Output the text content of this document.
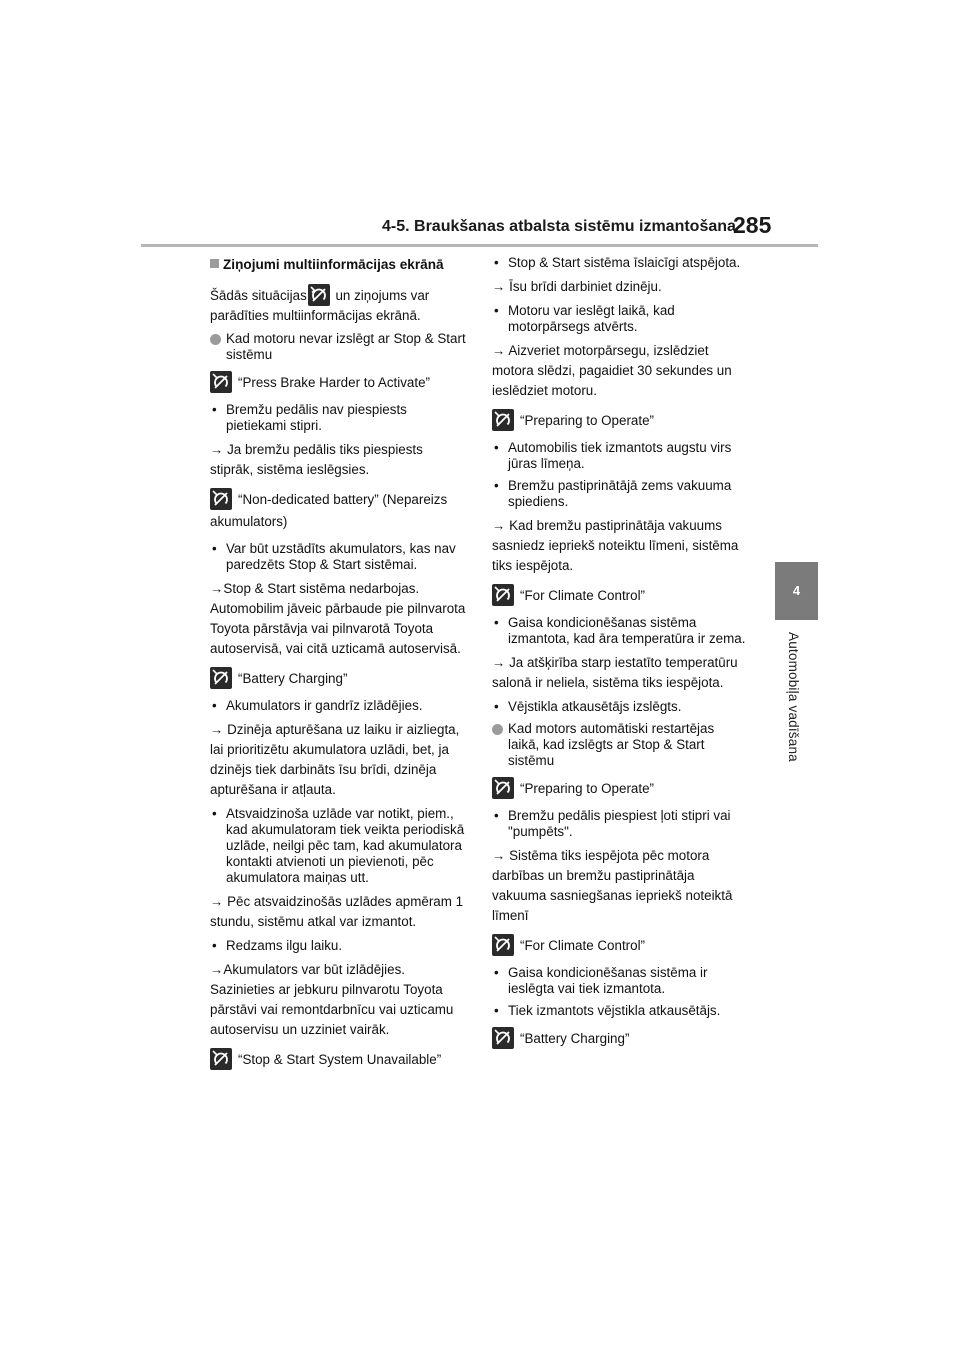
4-5. Braukšanas atbalsta sistēmu izmantošana
285
4
Automobiļa vadīšana
Ziņojumi multiinformācijas ekrānā

Šādās situācijas
un ziņojums var parādīties multiinformācijas ekrānā.

Kad motoru nevar izslēgt ar Stop & Start sistēmu
“Press Brake Harder to Activate”
• Bremžu pedālis nav piespiests pietiekami stipri.

→ Ja bremžu pedālis tiks piespiests stiprāk, sistēma ieslēgsies.

“Non-dedicated battery” (Nepareizs akumulators)
• Var būt uzstādīts akumulators, kas nav paredzēts Stop & Start sistēmai.

→Stop & Start sistēma nedarbojas. Automobilim jāveic pārbaude pie pilnvarota Toyota pārstāvja vai pilnvarotā Toyota autoservisā, vai citā uzticamā autoservisā.

“Battery Charging”
• Akumulators ir gandrīz izlādējies.

→ Dzinēja apturēšana uz laiku ir aizliegta, lai prioritizētu akumulatora uzlādi, bet, ja dzinējs tiek darbināts īsu brīdi, dzinēja apturēšana ir atļauta.

• Atsvaidzinoša uzlāde var notikt, piem., kad akumulatoram tiek veikta periodiskā uzlāde, neilgi pēc tam, kad akumulatora kontakti atvienoti un pievienoti, pēc akumulatora maiņas utt.

→ Pēc atsvaidzinošās uzlādes apmēram 1 stundu, sistēmu atkal var izmantot.

• Redzams ilgu laiku.

→Akumulators var būt izlādējies. Sazinieties ar jebkuru pilnvarotu Toyota pārstāvi vai remontdarbnīcu vai uzticamu autoservisu un uzziniet vairāk.

“Stop & Start System Unavailable”
• Stop & Start sistēma īslaicīgi atspējota.

→ Īsu brīdi darbiniet dzinēju.

• Motoru var ieslēgt laikā, kad motorpārsegs atvērts.

→ Aizveriet motorpārsegu, izslēdziet motora slēdzi, pagaidiet 30 sekundes un ieslēdziet motoru.

“Preparing to Operate”
• Automobilis tiek izmantots augstu virs jūras līmeņa.
• Bremžu pastiprinātājā zems vakuuma spiediens.

→ Kad bremžu pastiprinātāja vakuums sasniedz iepriekš noteiktu līmeni, sistēma tiks iespējota.

“For Climate Control”
• Gaisa kondicionēšanas sistēma izmantota, kad āra temperatūra ir zema.

→ Ja atšķirība starp iestatīto temperatūru salonā ir neliela, sistēma tiks iespējota.

• Vējstikla atkausētājs izslēgts.
Kad motors automātiski restartējas laikā, kad izslēgts ar Stop & Start sistēmu
“Preparing to Operate”
• Bremžu pedālis piespiest ļoti stipri vai "pumpēts".

→ Sistēma tiks iespējota pēc motora darbības un bremžu pastiprinātāja vakuuma sasniegšanas iepriekš noteiktā līmenī

“For Climate Control”
• Gaisa kondicionēšanas sistēma ir ieslēgta vai tiek izmantota.
• Tiek izmantots vējstikla atkausētājs.
“Battery Charging”
